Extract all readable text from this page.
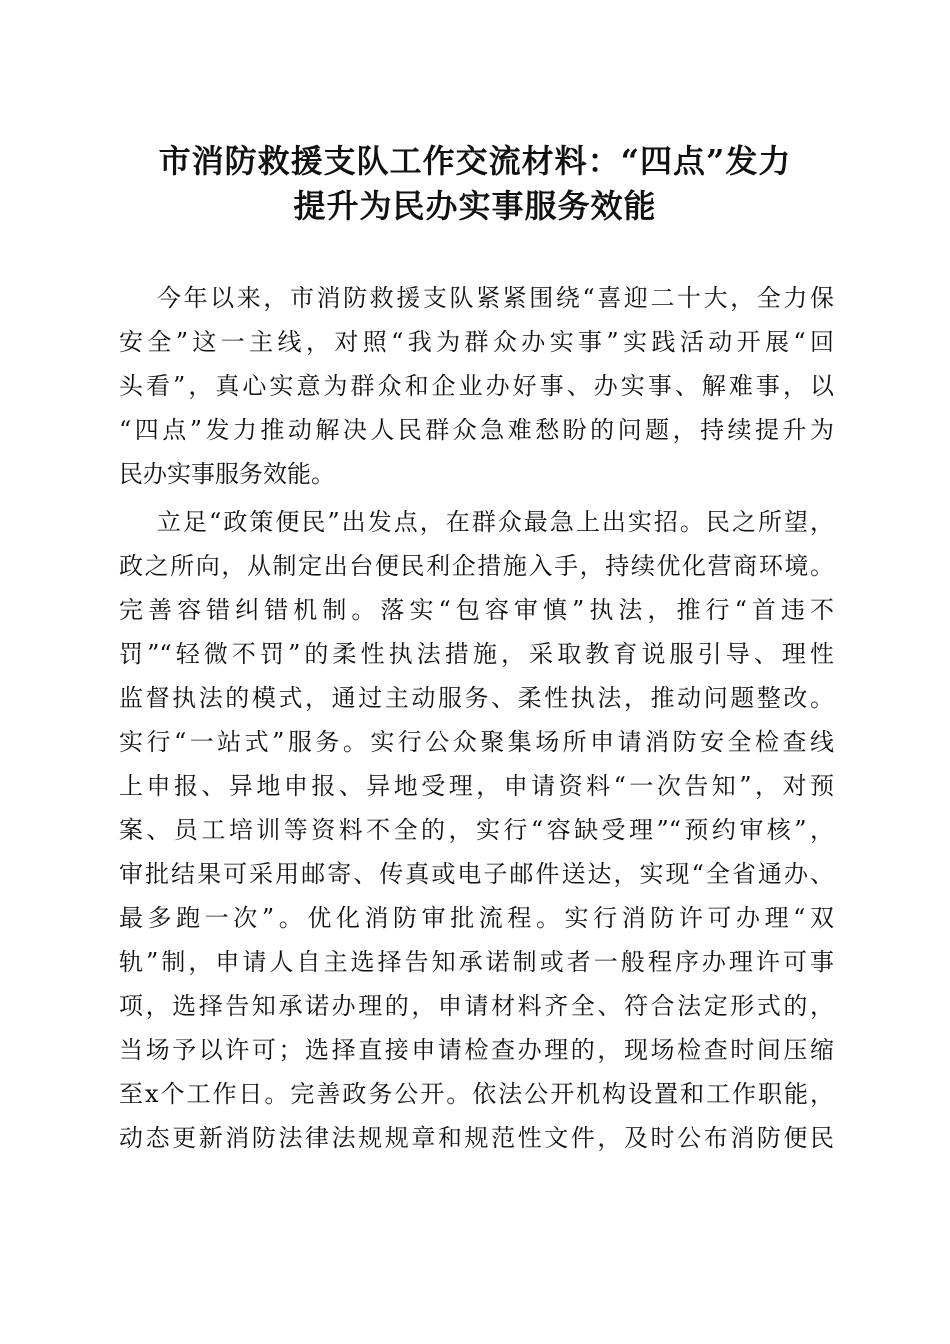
市消防救援支队工作交流材料：“四点”发力
提升为民办实事服务效能
今年以来，市消防救援支队紧紧围绕“喜迎二十大，全力保
安全”这一主线，对照“我为群众办实事”实践活动开展“回
头看”，真心实意为群众和企业办好事、办实事、解难事，以
“四点”发力推动解决人民群众急难愁盼的问题，持续提升为
民办实事服务效能。
立足“政策便民”出发点，在群众最急上出实招。民之所望，
政之所向，从制定出台便民利企措施入手，持续优化营商环境。
完善容错纠错机制。落实“包容审慎”执法，推行“首违不
罚”“轻微不罚”的柔性执法措施，采取教育说服引导、理性
监督执法的模式，通过主动服务、柔性执法，推动问题整改。
实行“一站式”服务。实行公众聚集场所申请消防安全检查线
上申报、异地申报、异地受理，申请资料“一次告知”，对预
案、员工培训等资料不全的，实行“容缺受理”“预约审核”，
审批结果可采用邮寄、传真或电子邮件送达，实现“全省通办、
最多跑一次”。优化消防审批流程。实行消防许可办理“双
轨”制，申请人自主选择告知承诺制或者一般程序办理许可事
项，选择告知承诺办理的，申请材料齐全、符合法定形式的，
当场予以许可；选择直接申请检查办理的，现场检查时间压缩
至x个工作日。完善政务公开。依法公开机构设置和工作职能，
动态更新消防法律法规规章和规范性文件，及时公布消防便民
